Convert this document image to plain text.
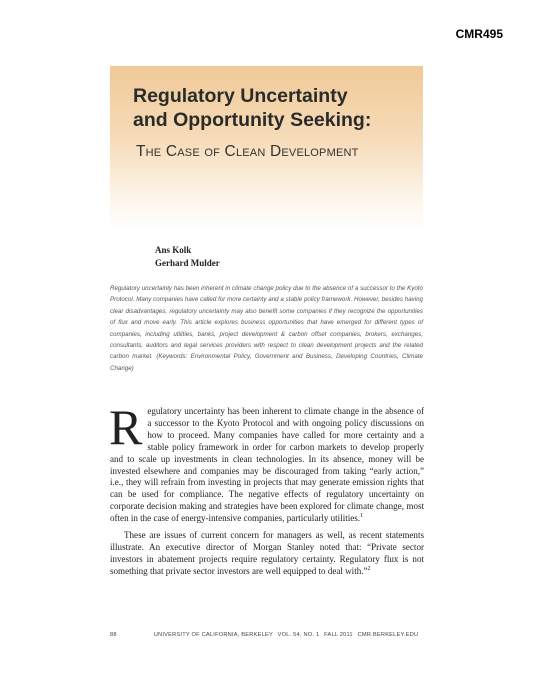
CMR495
Regulatory Uncertainty
and Opportunity Seeking:
The Case of Clean Development
Ans Kolk
Gerhard Mulder
Regulatory uncertainty has been inherent in climate change policy due to the absence of a successor to the Kyoto Protocol. Many companies have called for more certainty and a stable policy framework. However, besides having clear disadvantages, regulatory uncertainty may also benefit some companies if they recognize the opportunities of flux and move early. This article explores business opportunities that have emerged for different types of companies, including utilities, banks, project development & carbon offset companies, brokers, exchanges, consultants, auditors and legal services providers with respect to clean development projects and the related carbon market. (Keywords: Environmental Policy, Government and Business, Developing Countries, Climate Change)

Regulatory uncertainty has been inherent to climate change in the absence of a successor to the Kyoto Protocol and with ongoing policy discussions on how to proceed. Many companies have called for more certainty and a stable policy framework in order for carbon markets to develop properly and to scale up investments in clean technologies. In its absence, money will be invested elsewhere and companies may be discouraged from taking “early action,” i.e., they will refrain from investing in projects that may generate emission rights that can be used for compliance. The negative effects of regulatory uncertainty on corporate decision making and strategies have been explored for climate change, most often in the case of energy-intensive companies, particularly utilities.$^1$

These are issues of current concern for managers as well, as recent statements illustrate. An executive director of Morgan Stanley noted that: “Private sector investors in abatement projects require regulatory certainty. Regulatory flux is not something that private sector investors are well equipped to deal with.”$^2$

88	UNIVERSITY OF CALIFORNIA, BERKELEY VOL. 54, NO. 1 FALL 2011 CMR.BERKELEY.EDU
